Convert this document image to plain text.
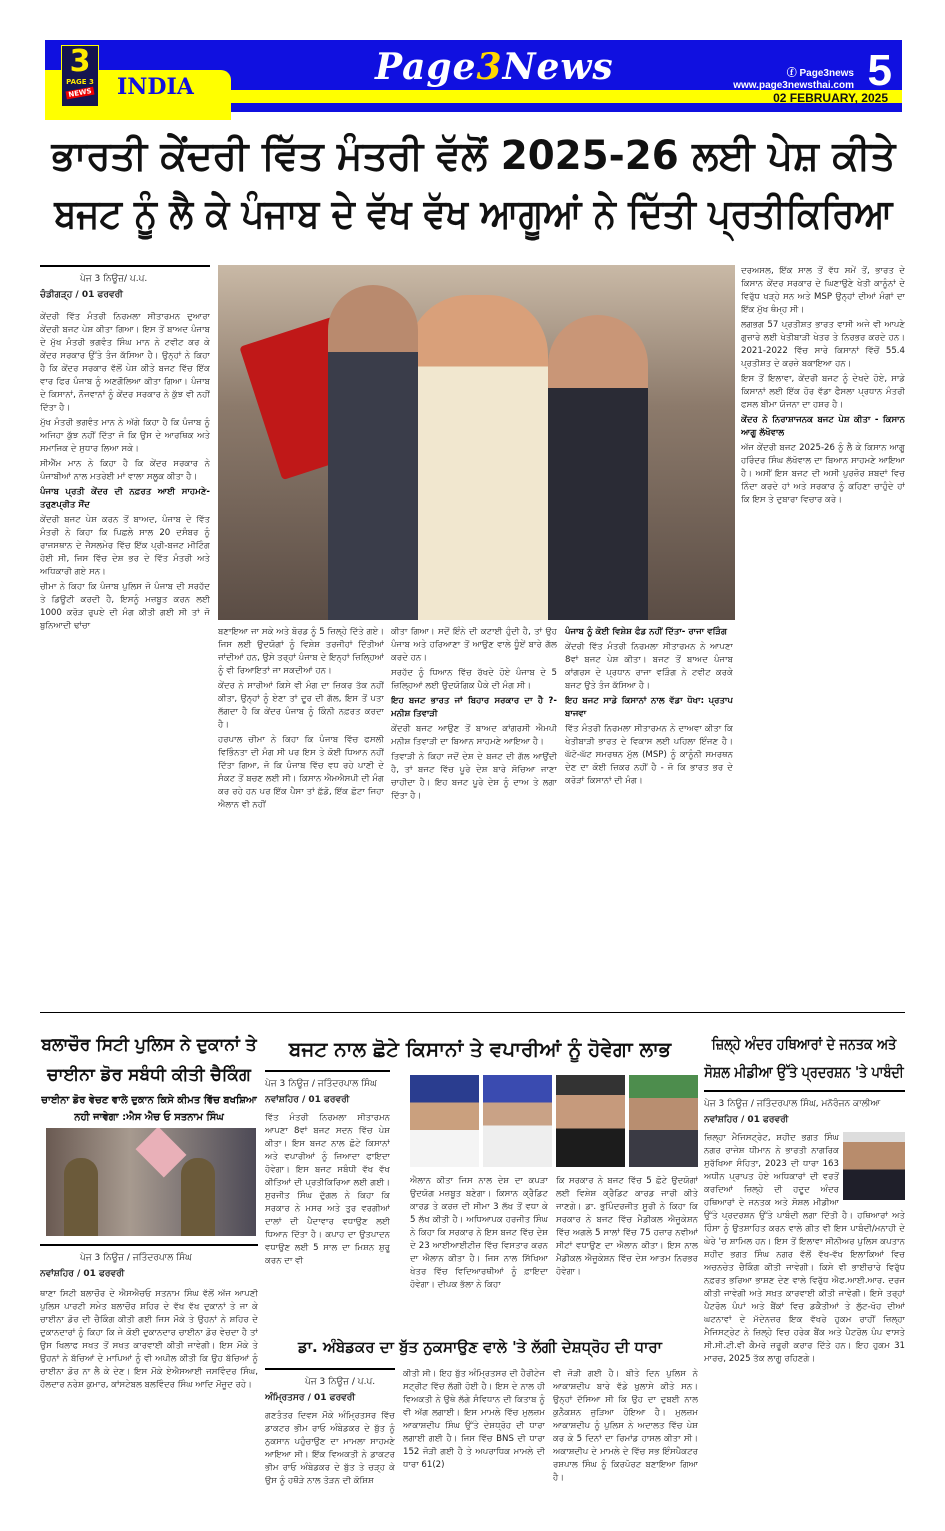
3
PAGE 3
NEWS INDIA	Page3News	ⓕ Page3news
www.page3newsthai.com 5
02 FEBRUARY, 2025
ਭਾਰਤੀ ਕੇਂਦਰੀ ਵਿੱਤ ਮੰਤਰੀ ਵੱਲੋਂ 2025-26 ਲਈ ਪੇਸ਼ ਕੀਤੇ
ਬਜਟ ਨੂੰ ਲੈ ਕੇ ਪੰਜਾਬ ਦੇ ਵੱਖ ਵੱਖ ਆਗੂਆਂ ਨੇ ਦਿੱਤੀ ਪ੍ਰਤੀਕਿਰਿਆ
ਪੇਜ 3 ਨਿਊਜ਼/ ਪ.ਪ.
ਚੰਡੀਗੜ੍ਹ / 01 ਫਰਵਰੀ

ਕੇਂਦਰੀ ਵਿੱਤ ਮੰਤਰੀ ਨਿਰਮਲਾ ਸੀਤਾਰਮਨ ਦੁਆਰਾ ਕੇਂਦਰੀ ਬਜਟ ਪੇਸ਼ ਕੀਤਾ ਗਿਆ। ਇਸ ਤੋਂ ਬਾਅਦ ਪੰਜਾਬ ਦੇ ਮੁੱਖ ਮੰਤਰੀ ਭਗਵੰਤ ਸਿੰਘ ਮਾਨ ਨੇ ਟਵੀਟ ਕਰ ਕੇ ਕੇਂਦਰ ਸਰਕਾਰ ਉੱਤੇ ਤੰਜ ਕੱਸਿਆ ਹੈ। ਉਨ੍ਹਾਂ ਨੇ ਕਿਹਾ ਹੈ ਕਿ ਕੇਂਦਰ ਸਰਕਾਰ ਵੱਲੋਂ ਪੇਸ਼ ਕੀਤੇ ਬਜਟ ਵਿੱਚ ਇੱਕ ਵਾਰ ਫਿਰ ਪੰਜਾਬ ਨੂੰ ਅਣਗੌਲਿਆ ਕੀਤਾ ਗਿਆ। ਪੰਜਾਬ ਦੇ ਕਿਸਾਨਾਂ, ਨੌਜਵਾਨਾਂ ਨੂੰ ਕੇਂਦਰ ਸਰਕਾਰ ਨੇ ਕੁੱਝ ਵੀ ਨਹੀਂ ਦਿੱਤਾ ਹੈ।

ਮੁੱਖ ਮੰਤਰੀ ਭਗਵੰਤ ਮਾਨ ਨੇ ਅੱਗੇ ਕਿਹਾ ਹੈ ਕਿ ਪੰਜਾਬ ਨੂੰ ਅਜਿਹਾ ਕੁੱਝ ਨਹੀਂ ਦਿੱਤਾ ਜੋ ਕਿ ਉਸ ਦੇ ਆਰਥਿਕ ਅਤੇ ਸਮਾਜਿਕ ਦੇ ਸੁਧਾਰ ਲਿਆ ਸਕੇ।

ਸੀਐੱਮ ਮਾਨ ਨੇ ਕਿਹਾ ਹੈ ਕਿ ਕੇਂਦਰ ਸਰਕਾਰ ਨੇ ਪੰਜਾਬੀਆਂ ਨਾਲ ਮਤਰੇਈ ਮਾਂ ਵਾਲਾ ਸਲੂਕ ਕੀਤਾ ਹੈ।

ਪੰਜਾਬ ਪ੍ਰਤੀ ਕੇਂਦਰ ਦੀ ਨਫ਼ਰਤ ਆਈ ਸਾਹਮਣੇ- ਤਰੁਣਪ੍ਰੀਤ ਸੌਂਦ

ਕੇਂਦਰੀ ਬਜਟ ਪੇਸ਼ ਕਰਨ ਤੋਂ ਬਾਅਦ, ਪੰਜਾਬ ਦੇ ਵਿੱਤ ਮੰਤਰੀ ਨੇ ਕਿਹਾ ਕਿ ਪਿਛਲੇ ਸਾਲ 20 ਦਸੰਬਰ ਨੂੰ ਰਾਜਸਥਾਨ ਦੇ ਜੈਸਲਮੇਰ ਵਿੱਚ ਇੱਕ ਪ੍ਰੀ-ਬਜਟ ਮੀਟਿੰਗ ਹੋਈ ਸੀ, ਜਿਸ ਵਿੱਚ ਦੇਸ਼ ਭਰ ਦੇ ਵਿੱਤ ਮੰਤਰੀ ਅਤੇ ਅਧਿਕਾਰੀ ਗਏ ਸਨ।

ਚੀਮਾ ਨੇ ਕਿਹਾ ਕਿ ਪੰਜਾਬ ਪੁਲਿਸ ਜੋ ਪੰਜਾਬ ਦੀ ਸਰਹੱਦ ਤੇ ਡਿਊਟੀ ਕਰਦੀ ਹੈ, ਇਸਨੂੰ ਮਜ਼ਬੂਤ ਕਰਨ ਲਈ 1000 ਕਰੋੜ ਰੁਪਏ ਦੀ ਮੰਗ ਕੀਤੀ ਗਈ ਸੀ ਤਾਂ ਜੋ ਬੁਨਿਆਦੀ ਢਾਂਚਾ

ਬਣਾਇਆ ਜਾ ਸਕੇ ਅਤੇ ਬੋਰਡ ਨੂੰ 5 ਜ਼ਿਲ੍ਹੇ ਦਿੱਤੇ ਗਏ। ਜਿਸ ਲਈ ਉਦਯੋਗਾਂ ਨੂੰ ਵਿਸ਼ੇਸ਼ ਤਰਜੀਹਾਂ ਦਿੱਤੀਆਂ ਜਾਂਦੀਆਂ ਹਨ, ਉਸੇ ਤਰ੍ਹਾਂ ਪੰਜਾਬ ਦੇ ਇਨ੍ਹਾਂ ਜ਼ਿਲ੍ਹਿਆਂ ਨੂੰ ਵੀ ਰਿਆਇਤਾਂ ਜਾ ਸਕਦੀਆਂ ਹਨ।

ਕੇਂਦਰ ਨੇ ਸਾਰੀਆਂ ਕਿਸੇ ਵੀ ਮੰਗ ਦਾ ਜ਼ਿਕਰ ਤੱਕ ਨਹੀਂ ਕੀਤਾ, ਉਨ੍ਹਾਂ ਨੂੰ ਏਣਾ ਤਾਂ ਦੂਰ ਦੀ ਗੱਲ, ਇਸ ਤੋਂ ਪਤਾ ਲੱਗਦਾ ਹੈ ਕਿ ਕੇਂਦਰ ਪੰਜਾਬ ਨੂੰ ਕਿੰਨੀ ਨਫ਼ਰਤ ਕਰਦਾ ਹੈ।

ਹਰਪਾਲ ਚੀਮਾ ਨੇ ਕਿਹਾ ਕਿ ਪੰਜਾਬ ਵਿੱਚ ਫਸਲੀ ਵਿਭਿੰਨਤਾ ਦੀ ਮੰਗ ਸੀ ਪਰ ਇਸ ਤੇ ਕੋਈ ਧਿਆਨ ਨਹੀਂ ਦਿੱਤਾ ਗਿਆ, ਜੋ ਕਿ ਪੰਜਾਬ ਵਿੱਚ ਵਧ ਰਹੇ ਪਾਣੀ ਦੇ ਸੰਕਟ ਤੋਂ ਬਚਣ ਲਈ ਸੀ। ਕਿਸਾਨ ਐਮਐਸਪੀ ਦੀ ਮੰਗ ਕਰ ਰਹੇ ਹਨ ਪਰ ਇੱਕ ਪੈਸਾ ਤਾਂ ਛੱਡੋ, ਇੱਕ ਛੋਟਾ ਜਿਹਾ ਐਲਾਨ ਵੀ ਨਹੀਂ

ਕੀਤਾ ਗਿਆ। ਸਦੋਂ ਇੰਨੇ ਦੀ ਕਟਾਈ ਹੁੰਦੀ ਹੈ, ਤਾਂ ਉਹ ਪੰਜਾਬ ਅਤੇ ਹਰਿਆਣਾ ਤੋਂ ਆਉਣ ਵਾਲੇ ਧੂੰਏਂ ਬਾਰੇ ਗੱਲ ਕਰਦੇ ਹਨ।

ਸਰਹੱਦ ਨੂੰ ਧਿਆਨ ਵਿੱਚ ਰੱਖਦੇ ਹੋਏ ਪੰਜਾਬ ਦੇ 5 ਜ਼ਿਲ੍ਹਿਆਂ ਲਈ ਉਦਯੋਗਿਕ ਪੈਕੇ ਦੀ ਮੰਗ ਸੀ।

ਇਹ ਬਜਟ ਭਾਰਤ ਜਾਂ ਬਿਹਾਰ ਸਰਕਾਰ ਦਾ ਹੈ ?- ਮਨੀਸ਼ ਤਿਵਾੜੀ

ਕੇਂਦਰੀ ਬਜਟ ਆਉਣ ਤੋਂ ਬਾਅਦ ਕਾਂਗਰਸੀ ਐਮਪੀ ਮਨੀਸ਼ ਤਿਵਾੜੀ ਦਾ ਬਿਆਨ ਸਾਹਮਣੇ ਆਇਆ ਹੈ।

ਤਿਵਾੜੀ ਨੇ ਕਿਹਾ ਜਦੋਂ ਦੇਸ਼ ਦੇ ਬਜਟ ਦੀ ਗੱਲ ਆਉਂਦੀ ਹੈ, ਤਾਂ ਬਜਟ ਵਿੱਚ ਪੂਰੇ ਦੇਸ਼ ਬਾਰੇ ਸੋਚਿਆ ਜਾਣਾ ਚਾਹੀਦਾ ਹੈ। ਇਹ ਬਜਟ ਪੂਰੇ ਦੇਸ਼ ਨੂੰ ਦਾਅ ਤੇ ਲਗਾ ਦਿੱਤਾ ਹੈ।

ਪੰਜਾਬ ਨੂੰ ਕੋਈ ਵਿਸ਼ੇਸ਼ ਫੰਡ ਨਹੀਂ ਦਿੱਤਾ- ਰਾਜਾ ਵੜਿੰਗ

ਕੇਂਦਰੀ ਵਿੱਤ ਮੰਤਰੀ ਨਿਰਮਲਾ ਸੀਤਾਰਮਨ ਨੇ ਆਪਣਾ 8ਵਾਂ ਬਜਟ ਪੇਸ਼ ਕੀਤਾ। ਬਜਟ ਤੋਂ ਬਾਅਦ ਪੰਜਾਬ ਕਾਂਗਰਸ ਦੇ ਪ੍ਰਧਾਨ ਰਾਜਾ ਵੜਿੰਗ ਨੇ ਟਵੀਟ ਕਰਕੇ ਬਜਟ ਉਤੇ ਤੰਜ ਕੱਸਿਆ ਹੈ।

ਇਹ ਬਜਟ ਸਾਡੇ ਕਿਸਾਨਾਂ ਨਾਲ ਵੱਡਾ ਧੋਖਾ: ਪ੍ਰਤਾਪ ਬਾਜਵਾ

ਵਿੱਤ ਮੰਤਰੀ ਨਿਰਮਲਾ ਸੀਤਾਰਮਨ ਨੇ ਦਾਅਵਾ ਕੀਤਾ ਕਿ ਖੇਤੀਬਾੜੀ ਭਾਰਤ ਦੇ ਵਿਕਾਸ ਲਈ ਪਹਿਲਾ ਇੰਜਣ ਹੈ। ਘੱਟੋ-ਘੱਟ ਸਮਰਥਨ ਮੁੱਲ (MSP) ਨੂੰ ਕਾਨੂੰਨੀ ਸਮਰਥਨ ਦੇਣ ਦਾ ਕੋਈ ਜ਼ਿਕਰ ਨਹੀਂ ਹੈ - ਜੋ ਕਿ ਭਾਰਤ ਭਰ ਦੇ ਕਰੋੜਾਂ ਕਿਸਾਨਾਂ ਦੀ ਮੰਗ।

ਦਰਅਸਲ, ਇੱਕ ਸਾਲ ਤੋਂ ਵੱਧ ਸਮੇਂ ਤੋਂ, ਭਾਰਤ ਦੇ ਕਿਸਾਨ ਕੇਂਦਰ ਸਰਕਾਰ ਦੇ ਘਿਣਾਉਣੇ ਖੇਤੀ ਕਾਨੂੰਨਾਂ ਦੇ ਵਿਰੁੱਧ ਖੜ੍ਹੇ ਸਨ ਅਤੇ MSP ਉਨ੍ਹਾਂ ਦੀਆਂ ਮੰਗਾਂ ਦਾ ਇੱਕ ਮੁੱਖ ਥੰਮ੍ਹ ਸੀ।

ਲਗਭਗ 57 ਪ੍ਰਤੀਸ਼ਤ ਭਾਰਤ ਵਾਸੀ ਅਜੇ ਵੀ ਆਪਣੇ ਗੁਜ਼ਾਰੇ ਲਈ ਖੇਤੀਬਾੜੀ ਖੇਤਰ ਤੇ ਨਿਰਭਰ ਕਰਦੇ ਹਨ। 2021-2022 ਵਿੱਚ ਸਾਰੇ ਕਿਸਾਨਾਂ ਵਿੱਚੋਂ 55.4 ਪ੍ਰਤੀਸ਼ਤ ਦੇ ਕਰਜ਼ੇ ਬਕਾਇਆ ਹਨ।

ਇਸ ਤੋਂ ਇਲਾਵਾ, ਕੇਂਦਰੀ ਬਜਟ ਨੂੰ ਦੇਖਦੇ ਹੋਏ, ਸਾਡੇ ਕਿਸਾਨਾਂ ਲਈ ਇੱਕ ਹੋਰ ਵੱਡਾ ਫੈਸਲਾ ਪ੍ਰਧਾਨ ਮੰਤਰੀ ਫਸਲ ਬੀਮਾ ਯੋਜਨਾ ਦਾ ਹਸ਼ਰ ਹੈ।

ਕੇਂਦਰ ਨੇ ਨਿਰਾਸ਼ਾਜਨਕ ਬਜਟ ਪੇਸ਼ ਕੀਤਾ - ਕਿਸਾਨ ਆਗੂ ਲੱਖੋਵਾਲ

ਅੱਜ ਕੇਂਦਰੀ ਬਜਟ 2025-26 ਨੂੰ ਲੈ ਕੇ ਕਿਸਾਨ ਆਗੂ ਹਰਿੰਦਰ ਸਿੰਘ ਲੱਖੋਵਾਲ ਦਾ ਬਿਆਨ ਸਾਹਮਣੇ ਆਇਆ ਹੈ। ਅਸੀਂ ਇਸ ਬਜਟ ਦੀ ਅਸੀ ਪੁਰਜ਼ੋਰ ਸ਼ਬਦਾਂ ਵਿਚ ਨਿੰਦਾ ਕਰਦੇ ਹਾਂ ਅਤੇ ਸਰਕਾਰ ਨੂੰ ਕਹਿਣਾ ਚਾਹੁੰਦੇ ਹਾਂ ਕਿ ਇਸ ਤੇ ਦੁਬਾਰਾ ਵਿਚਾਰ ਕਰੇ।

ਬਲਾਚੌਰ ਸਿਟੀ ਪੁਲਿਸ ਨੇ ਦੁਕਾਨਾਂ ਤੇ ਚਾਈਨਾ ਡੋਰ ਸਬੰਧੀ ਕੀਤੀ ਚੈਕਿੰਗ
ਚਾਈਨਾ ਡੋਰ ਵੇਚਣ ਵਾਲੇ ਦੁਕਾਨ ਕਿਸੇ ਕੀਮਤ ਵਿੱਚ ਬਖਸ਼ਿਆ ਨਹੀ ਜਾਵੇਗਾ :ਐਸ ਐਚ ਓ ਸਤਨਾਮ ਸਿੰਘ
ਪੇਜ 3 ਨਿਊਜ਼ / ਜਤਿੰਦਰਪਾਲ ਸਿੰਘ
ਨਵਾਂਸ਼ਹਿਰ / 01 ਫਰਵਰੀ

ਥਾਣਾ ਸਿਟੀ ਬਲਾਚੌਰ ਦੇ ਐਸਐਚਓ ਸਤਨਾਮ ਸਿੰਘ ਵੱਲੋਂ ਅੱਜ ਆਪਣੀ ਪੁਲਿਸ ਪਾਰਟੀ ਸਮੇਤ ਬਲਾਚੌਰ ਸ਼ਹਿਰ ਦੇ ਵੱਖ ਵੱਖ ਦੁਕਾਨਾਂ ਤੇ ਜਾ ਕੇ ਚਾਈਨਾ ਡੋਰ ਦੀ ਚੈਕਿੰਗ ਕੀਤੀ ਗਈ ਜਿਸ ਮੌਕੇ ਤੇ ਉਹਨਾਂ ਨੇ ਸ਼ਹਿਰ ਦੇ ਦੁਕਾਨਦਾਰਾਂ ਨੂੰ ਕਿਹਾ ਕਿ ਜੇ ਕੋਈ ਦੁਕਾਨਦਾਰ ਚਾਈਨਾ ਡੋਰ ਵੇਚਦਾ ਹੈ ਤਾਂ ਉਸ ਖਿਲਾਫ ਸਖਤ ਤੋਂ ਸਖਤ ਕਾਰਵਾਈ ਕੀਤੀ ਜਾਵੇਗੀ। ਇਸ ਮੌਕੇ ਤੇ ਉਹਨਾਂ ਨੇ ਬੱਚਿਆਂ ਦੇ ਮਾਪਿਆਂ ਨੂੰ ਵੀ ਅਪੀਲ ਕੀਤੀ ਕਿ ਉਹ ਬੱਚਿਆਂ ਨੂੰ ਚਾਈਨਾ ਡੋਰ ਨਾ ਲੈ ਕੇ ਦੇਣ। ਇਸ ਮੌਕੇ ਏਐਸਆਈ ਜਸਵਿੰਦਰ ਸਿੰਘ, ਹੌਲਦਾਰ ਨਰੇਸ਼ ਕੁਮਾਰ, ਕਾਂਸਟੇਬਲ ਬਲਵਿੰਦਰ ਸਿੰਘ ਆਦਿ ਮੌਜੂਦ ਰਹੇ।

ਬਜਟ ਨਾਲ ਛੋਟੇ ਕਿਸਾਨਾਂ ਤੇ ਵਪਾਰੀਆਂ ਨੂੰ ਹੋਵੇਗਾ ਲਾਭ
ਪੇਜ 3 ਨਿਊਜ਼ / ਜਤਿੰਦਰਪਾਲ ਸਿੰਘ
ਨਵਾਂਸ਼ਹਿਰ / 01 ਫਰਵਰੀ

ਵਿੱਤ ਮੰਤਰੀ ਨਿਰਮਲਾ ਸੀਤਾਰਮਨ ਆਪਣਾ 8ਵਾਂ ਬਜਟ ਸਦਨ ਵਿੱਚ ਪੇਸ਼ ਕੀਤਾ। ਇਸ ਬਜਟ ਨਾਲ ਛੋਟੇ ਕਿਸਾਨਾਂ ਅਤੇ ਵਪਾਰੀਆਂ ਨੂੰ ਜਿਆਦਾ ਫਾਇਦਾ ਹੋਵੇਗਾ। ਇਸ ਬਜਟ ਸਬੰਧੀ ਵੱਖ ਵੱਖ ਕੀਤਿਆਂ ਦੀ ਪ੍ਰਤੀਕਿਰਿਆ ਲਈ ਗਈ। ਸੁਰਜੀਤ ਸਿੰਘ ਦੁੱਗਲ ਨੇ ਕਿਹਾ ਕਿ ਸਰਕਾਰ ਨੇ ਮਸਰ ਅਤੇ ਤੁਰ ਵਰਗੀਆਂ ਦਾਲਾਂ ਦੀ ਪੈਦਾਵਾਰ ਵਧਾਉਣ ਲਈ ਧਿਆਨ ਦਿੱਤਾ ਹੈ। ਕਪਾਹ ਦਾ ਉਤਪਾਦਨ ਵਧਾਉਣ ਲਈ 5 ਸਾਲ ਦਾ ਮਿਸ਼ਨ ਸ਼ੁਰੂ ਕਰਨ ਦਾ ਵੀ

ਐਲਾਨ ਕੀਤਾ ਜਿਸ ਨਾਲ ਦੇਸ਼ ਦਾ ਕਪੜਾ ਉਦਯੋਗ ਮਜ਼ਬੂਤ ਬਣੇਗਾ। ਕਿਸਾਨ ਕ੍ਰੈਡਿਟ ਕਾਰਡ ਤੇ ਕਰਜ਼ ਦੀ ਸੀਮਾ 3 ਲੱਖ ਤੋਂ ਵਧਾ ਕੇ 5 ਲੱਖ ਕੀਤੀ ਹੈ। ਅਧਿਆਪਕ ਹਰਜੀਤ ਸਿੰਘ ਨੇ ਕਿਹਾ ਕਿ ਸਰਕਾਰ ਨੇ ਇਸ ਬਜਟ ਵਿੱਚ ਦੇਸ਼ ਦੇ 23 ਆਈਆਈਟੀਜ਼ ਵਿੱਚ ਵਿਸਤਾਰ ਕਰਨ ਦਾ ਐਲਾਨ ਕੀਤਾ ਹੈ। ਜਿਸ ਨਾਲ ਸਿੱਖਿਆ ਖੇਤਰ ਵਿੱਚ ਵਿਦਿਆਰਥੀਆਂ ਨੂੰ ਫ਼ਾਇਦਾ ਹੋਵੇਗਾ। ਦੀਪਕ ਭੱਲਾ ਨੇ ਕਿਹਾ

ਕਿ ਸਰਕਾਰ ਨੇ ਬਜਟ ਵਿੱਚ 5 ਛੋਟੇ ਉਦਯੋਗਾਂ ਲਈ ਵਿਸ਼ੇਸ਼ ਕ੍ਰੈਡਿਟ ਕਾਰਡ ਜਾਰੀ ਕੀਤੇ ਜਾਣਗੇ। ਡਾ. ਭੁਪਿੰਦਰਜੀਤ ਸੂਰੀ ਨੇ ਕਿਹਾ ਕਿ ਸਰਕਾਰ ਨੇ ਬਜਟ ਵਿੱਚ ਮੈਡੀਕਲ ਐਜੂਕੇਸ਼ਨ ਵਿੱਚ ਅਗਲੇ 5 ਸਾਲਾਂ ਵਿੱਚ 75 ਹਜ਼ਾਰ ਨਵੀਆਂ ਸੀਟਾਂ ਵਧਾਉਣ ਦਾ ਐਲਾਨ ਕੀਤਾ। ਇਸ ਨਾਲ ਮੈਡੀਕਲ ਐਜੂਕੇਸ਼ਨ ਵਿੱਚ ਦੇਸ਼ ਆਤਮ ਨਿਰਭਰ ਹੋਵੇਗਾ।

ਜ਼ਿਲ੍ਹੇ ਅੰਦਰ ਹਥਿਆਰਾਂ ਦੇ ਜਨਤਕ ਅਤੇ ਸੋਸ਼ਲ ਮੀਡੀਆ ਉੱਤੇ ਪ੍ਰਦਰਸ਼ਨ 'ਤੇ ਪਾਬੰਦੀ
ਪੇਜ 3 ਨਿਊਜ਼ / ਜਤਿੰਦਰਪਾਲ ਸਿੰਘ, ਮਨੋਰੰਜਨ ਕਾਲੀਆ
ਨਵਾਂਸ਼ਹਿਰ / 01 ਫਰਵਰੀ

ਜ਼ਿਲ੍ਹਾ ਮੈਜਿਸਟ੍ਰੇਟ, ਸ਼ਹੀਦ ਭਗਤ ਸਿੰਘ ਨਗਰ ਰਾਜੇਸ਼ ਧੀਮਾਨ ਨੇ ਭਾਰਤੀ ਨਾਗਰਿਕ ਸੁਰੱਖਿਆ ਸੰਹਿਤਾ, 2023 ਦੀ ਧਾਰਾ 163 ਅਧੀਨ ਪ੍ਰਾਪਤ ਹੋਏ ਅਧਿਕਾਰਾਂ ਦੀ ਵਰਤੋਂ ਕਰਦਿਆਂ ਜ਼ਿਲ੍ਹੇ ਦੀ ਹਦੂਦ ਅੰਦਰ ਹਥਿਆਰਾਂ ਦੇ ਜਨਤਕ ਅਤੇ ਸੋਸ਼ਲ ਮੀਡੀਆ ਉੱਤੇ ਪ੍ਰਦਰਸ਼ਨ ਉੱਤੇ ਪਾਬੰਦੀ ਲਗਾ ਦਿੱਤੀ ਹੈ। ਹਥਿਆਰਾਂ ਅਤੇ ਹਿੰਸਾ ਨੂੰ ਉਤਸ਼ਾਹਿਤ ਕਰਨ ਵਾਲੇ ਗੀਤ ਵੀ ਇਸ ਪਾਬੰਦੀ/ਮਨਾਹੀ ਦੇ ਘੇਰੇ 'ਚ ਸ਼ਾਮਿਲ ਹਨ। ਇਸ ਤੋਂ ਇਲਾਵਾ ਸੀਨੀਅਰ ਪੁਲਿਸ ਕਪਤਾਨ ਸ਼ਹੀਦ ਭਗਤ ਸਿੰਘ ਨਗਰ ਵੱਲੋਂ ਵੱਖ-ਵੱਖ ਇਲਾਕਿਆਂ ਵਿਚ ਅਚਨਚੇਤ ਚੈਕਿੰਗ ਕੀਤੀ ਜਾਵੇਗੀ। ਕਿਸੇ ਵੀ ਭਾਈਚਾਰੇ ਵਿਰੁੱਧ ਨਫ਼ਰਤ ਭਰਿਆ ਭਾਸ਼ਣ ਦੇਣ ਵਾਲੇ ਵਿਰੁੱਧ ਐਫ.ਆਈ.ਆਰ. ਦਰਜ ਕੀਤੀ ਜਾਵੇਗੀ ਅਤੇ ਸਖ਼ਤ ਕਾਰਵਾਈ ਕੀਤੀ ਜਾਵੇਗੀ। ਇਸੇ ਤਰ੍ਹਾਂ ਪੈਟਰੋਲ ਪੰਪਾਂ ਅਤੇ ਬੈਂਕਾਂ ਵਿਚ ਡਕੈਤੀਆਂ ਤੇ ਲੁੱਟ-ਖੋਹ ਦੀਆਂ ਘਟਨਾਵਾਂ ਦੇ ਮੱਦੇਨਜ਼ਰ ਇਕ ਵੱਖਰੇ ਹੁਕਮ ਰਾਹੀਂ ਜ਼ਿਲ੍ਹਾ ਮੈਜਿਸਟ੍ਰੇਟ ਨੇ ਜ਼ਿਲ੍ਹੇ ਵਿਚ ਹਰੇਕ ਬੈਂਕ ਅਤੇ ਪੈਟਰੋਲ ਪੰਪ ਵਾਸਤੇ ਸੀ.ਸੀ.ਟੀ.ਵੀ ਕੈਮਰੇ ਜ਼ਰੂਰੀ ਕਰਾਰ ਦਿੱਤੇ ਹਨ। ਇਹ ਹੁਕਮ 31 ਮਾਰਚ, 2025 ਤੱਕ ਲਾਗੂ ਰਹਿਣਗੇ।

ਡਾ. ਅੰਬੇਡਕਰ ਦਾ ਬੁੱਤ ਨੁਕਸਾਉਣ ਵਾਲੇ 'ਤੇ ਲੱਗੀ ਦੇਸ਼ਧ੍ਰੋਹ ਦੀ ਧਾਰਾ
ਪੇਜ 3 ਨਿਊਜ਼ / ਪ.ਪ.
ਅੰਮ੍ਰਿਤਸਰ / 01 ਫਰਵਰੀ

ਗਣਤੰਤਰ ਦਿਵਸ ਮੌਕੇ ਅੰਮ੍ਰਿਤਸਰ ਵਿੱਚ ਡਾਕਟਰ ਭੀਮ ਰਾਓ ਅੰਬੇਡਕਰ ਦੇ ਬੁੱਤ ਨੂੰ ਨੁਕਸਾਨ ਪਹੁੰਚਾਉਣ ਦਾ ਮਾਮਲਾ ਸਾਹਮਣੇ ਆਇਆ ਸੀ। ਇੱਕ ਵਿਅਕਤੀ ਨੇ ਡਾਕਟਰ ਭੀਮ ਰਾਓ ਅੰਬੇਡਕਰ ਦੇ ਬੁੱਤ ਤੇ ਚੜ੍ਹ ਕੇ ਉਸ ਨੂੰ ਹਥੌੜੇ ਨਾਲ ਤੋੜਨ ਦੀ ਕੋਸ਼ਿਸ਼

ਕੀਤੀ ਸੀ। ਇਹ ਬੁੱਤ ਅੰਮ੍ਰਿਤਸਰ ਦੀ ਹੈਰੀਟੇਜ ਸਟ੍ਰੀਟ ਵਿੱਚ ਲੱਗੀ ਹੋਈ ਹੈ। ਇਸ ਦੇ ਨਾਲ ਹੀ ਵਿਅਕਤੀ ਨੇ ਉਥੇ ਲੱਗੇ ਸੰਵਿਧਾਨ ਦੀ ਕਿਤਾਬ ਨੂੰ ਵੀ ਅੱਗ ਲਗਾਈ। ਇਸ ਮਾਮਲੇ ਵਿੱਚ ਮੁਲਜ਼ਮ ਆਕਾਸ਼ਦੀਪ ਸਿੰਘ ਉੱਤੇ ਦੇਸ਼ਧ੍ਰੋਹ ਦੀ ਧਾਰਾ ਲਗਾਈ ਗਈ ਹੈ। ਜਿਸ ਵਿੱਚ BNS ਦੀ ਧਾਰਾ 152 ਜੋੜੀ ਗਈ ਹੈ ਤੇ ਅਪਰਾਧਿਕ ਮਾਮਲੇ ਦੀ ਧਾਰਾ 61(2)

ਵੀ ਜੋੜੀ ਗਈ ਹੈ। ਬੀਤੇ ਦਿਨ ਪੁਲਿਸ ਨੇ ਆਕਾਸ਼ਦੀਪ ਬਾਰੇ ਵੱਡੇ ਖੁਲਾਸੇ ਕੀਤੇ ਸਨ। ਉਨ੍ਹਾਂ ਦੱਸਿਆ ਸੀ ਕਿ ਉਹ ਦਾ ਦੁਬਈ ਨਾਲ ਕੁਨੈਕਸ਼ਨ ਜੁੜਿਆ ਹੋਇਆ ਹੈ। ਮੁਲਜ਼ਮ ਆਕਾਸ਼ਦੀਪ ਨੂੰ ਪੁਲਿਸ ਨੇ ਅਦਾਲਤ ਵਿੱਚ ਪੇਸ਼ ਕਰ ਕੇ 5 ਦਿਨਾਂ ਦਾ ਰਿਮਾਂਡ ਹਾਸਲ ਕੀਤਾ ਸੀ।ਅਕਾਸ਼ਦੀਪ ਦੇ ਮਾਮਲੇ ਦੇ ਵਿੱਚ ਸਭ ਇੰਸਪੈਕਟਰ ਰਸ਼ਪਾਲ ਸਿੰਘ ਨੂੰ ਕਿਰਪੋਰਟ ਬਣਾਇਆ ਗਿਆ ਹੈ।
